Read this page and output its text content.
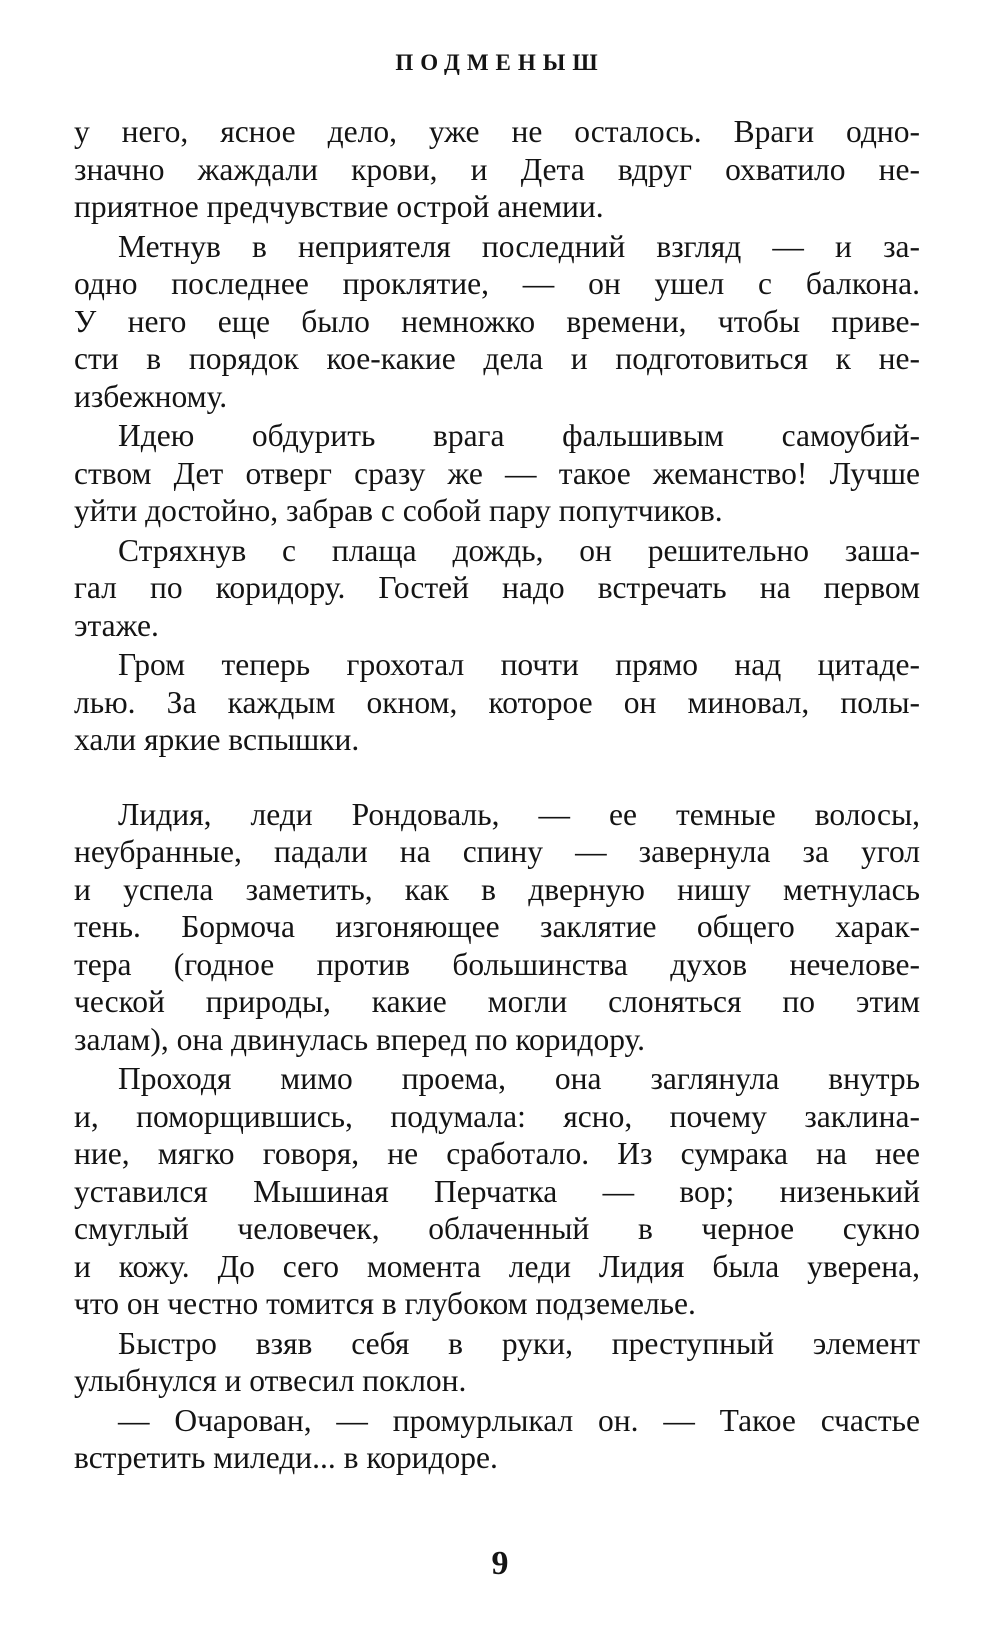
ПОДМЕНЫШ

у него, ясное дело, уже не осталось. Враги одно-
значно жаждали крови, и Дета вдруг охватило не-
приятное предчувствие острой анемии.

Метнув в неприятеля последний взгляд — и за-
одно последнее проклятие, — он ушел с балкона.
У него еще было немножко времени, чтобы приве-
сти в порядок кое-какие дела и подготовиться к не-
избежному.

Идею обдурить врага фальшивым самоубий-
ством Дет отверг сразу же — такое жеманство! Лучше
уйти достойно, забрав с собой пару попутчиков.

Стряхнув с плаща дождь, он решительно заша-
гал по коридору. Гостей надо встречать на первом
этаже.

Гром теперь грохотал почти прямо над цитаде-
лью. За каждым окном, которое он миновал, полы-
хали яркие вспышки.

Лидия, леди Рондоваль, — ее темные волосы,
неубранные, падали на спину — завернула за угол
и успела заметить, как в дверную нишу метнулась
тень. Бормоча изгоняющее заклятие общего харак-
тера (годное против большинства духов нечелове-
ческой природы, какие могли слоняться по этим
залам), она двинулась вперед по коридору.

Проходя мимо проема, она заглянула внутрь
и, поморщившись, подумала: ясно, почему заклина-
ние, мягко говоря, не сработало. Из сумрака на нее
уставился Мышиная Перчатка — вор; низенький
смуглый человечек, облаченный в черное сукно
и кожу. До сего момента леди Лидия была уверена,
что он честно томится в глубоком подземелье.

Быстро взяв себя в руки, преступный элемент
улыбнулся и отвесил поклон.

— Очарован, — промурлыкал он. — Такое счастье
встретить миледи... в коридоре.

9
